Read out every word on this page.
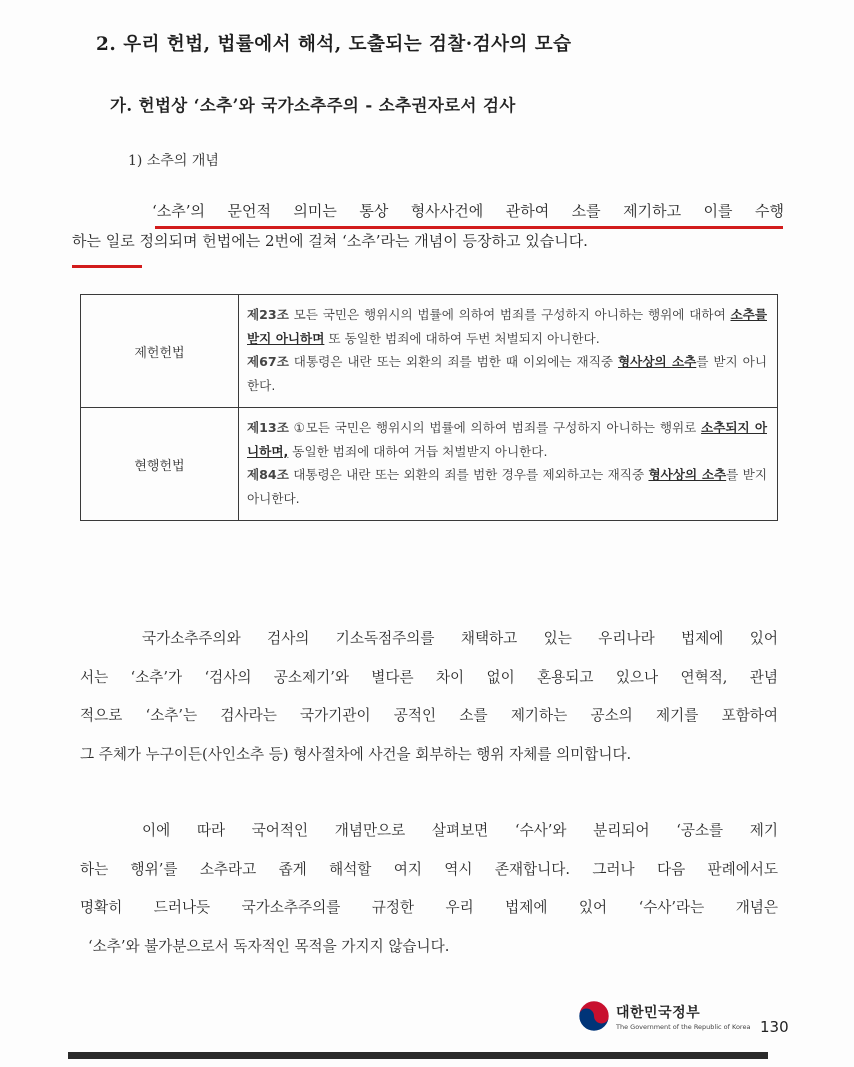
2. 우리 헌법, 법률에서 해석, 도출되는 검찰·검사의 모습
가. 헌법상 ‘소추’와 국가소추주의 - 소추권자로서 검사
1) 소추의 개념
‘소추’의 문언적 의미는 통상 형사사건에 관하여 소를 제기하고 이를 수행
하는 일로 정의되며 헌법에는 2번에 걸쳐 ‘소추’라는 개념이 등장하고 있습니다.
제헌헌법	제23조 모든 국민은 행위시의 법률에 의하여 범죄를 구성하지 아니하는 행위에 대하여 소추를 받지 아니하며 또 동일한 범죄에 대하여 두번 처벌되지 아니한다.
제67조 대통령은 내란 또는 외환의 죄를 범한 때 이외에는 재직중 형사상의 소추를 받지 아니한다.
현행헌법	제13조 ①모든 국민은 행위시의 법률에 의하여 범죄를 구성하지 아니하는 행위로 소추되지 아니하며, 동일한 범죄에 대하여 거듭 처벌받지 아니한다.
제84조 대통령은 내란 또는 외환의 죄를 범한 경우를 제외하고는 재직중 형사상의 소추를 받지 아니한다.
국가소추주의와 검사의 기소독점주의를 채택하고 있는 우리나라 법제에 있어
서는 ‘소추’가 ‘검사의 공소제기’와 별다른 차이 없이 혼용되고 있으나 연혁적, 관념
적으로 ‘소추’는 검사라는 국가기관이 공적인 소를 제기하는 공소의 제기를 포함하여
그 주체가 누구이든(사인소추 등) 형사절차에 사건을 회부하는 행위 자체를 의미합니다.
이에 따라 국어적인 개념만으로 살펴보면 ‘수사’와 분리되어 ‘공소를 제기
하는 행위’를 소추라고 좁게 해석할 여지 역시 존재합니다. 그러나 다음 판례에서도
명확히 드러나듯 국가소추주의를 규정한 우리 법제에 있어 ‘수사’라는 개념은
‘소추’와 불가분으로서 독자적인 목적을 가지지 않습니다.
대한민국정부
The Government of the Republic of Korea 130
